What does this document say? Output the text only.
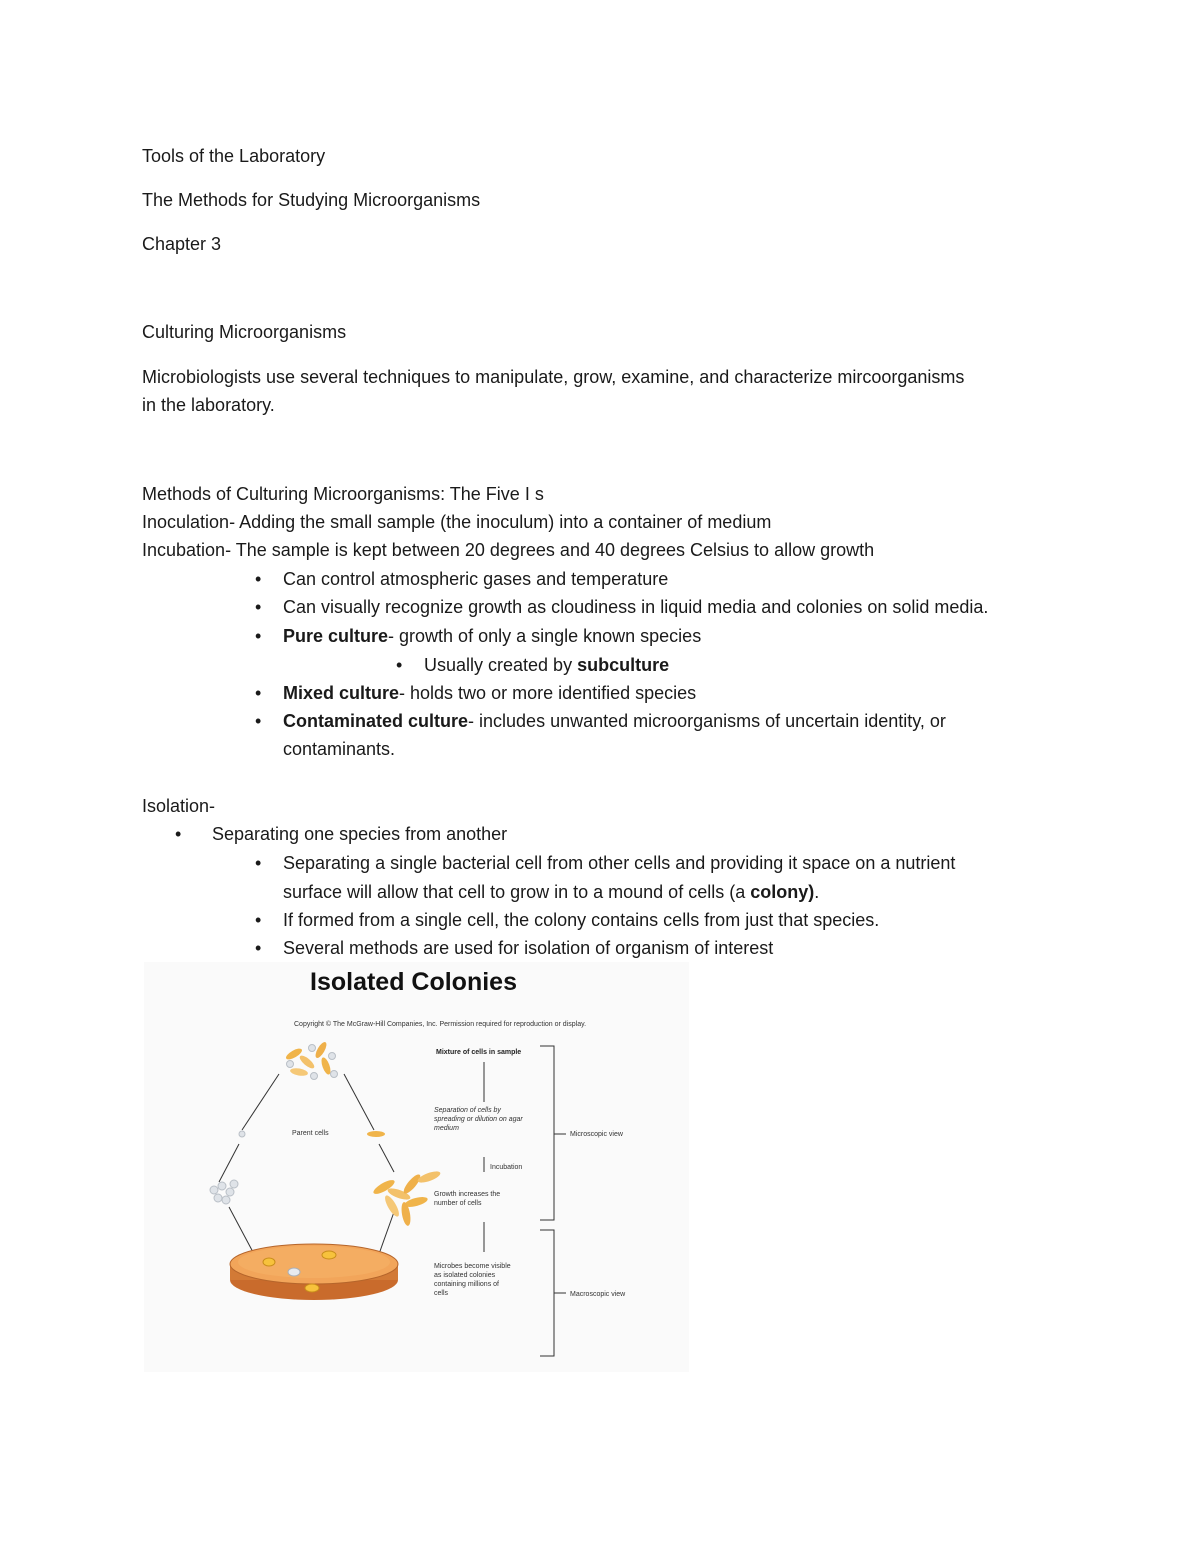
Tools of the Laboratory
The Methods for Studying Microorganisms
Chapter 3
Culturing Microorganisms
Microbiologists use several techniques to manipulate, grow, examine, and characterize mircoorganisms
in the laboratory.
Methods of Culturing Microorganisms: The Five I s
Inoculation- Adding the small sample (the inoculum) into a container of medium
Incubation- The sample is kept between 20 degrees and 40 degrees Celsius to allow growth
• Can control atmospheric gases and temperature
• Can visually recognize growth as cloudiness in liquid media and colonies on solid media.
• Pure culture- growth of only a single known species
• Usually created by subculture
• Mixed culture- holds two or more identified species
• Contaminated culture- includes unwanted microorganisms of uncertain identity, or
contaminants.
Isolation-
• Separating one species from another
• Separating a single bacterial cell from other cells and providing it space on a nutrient
surface will allow that cell to grow in to a mound of cells (a colony).
• If formed from a single cell, the colony contains cells from just that species.
• Several methods are used for isolation of organism of interest
Copyright © The McGraw-Hill Companies, Inc. Permission required for reproduction or display.
Parent cells
Mixture of cells in sample
Separation of cells by spreading or dilution on agar medium
Incubation
Growth increases the number of cells
Microbes become visible as isolated colonies containing millions of cells
Microscopic view
Macroscopic view
Isolated Colonies
